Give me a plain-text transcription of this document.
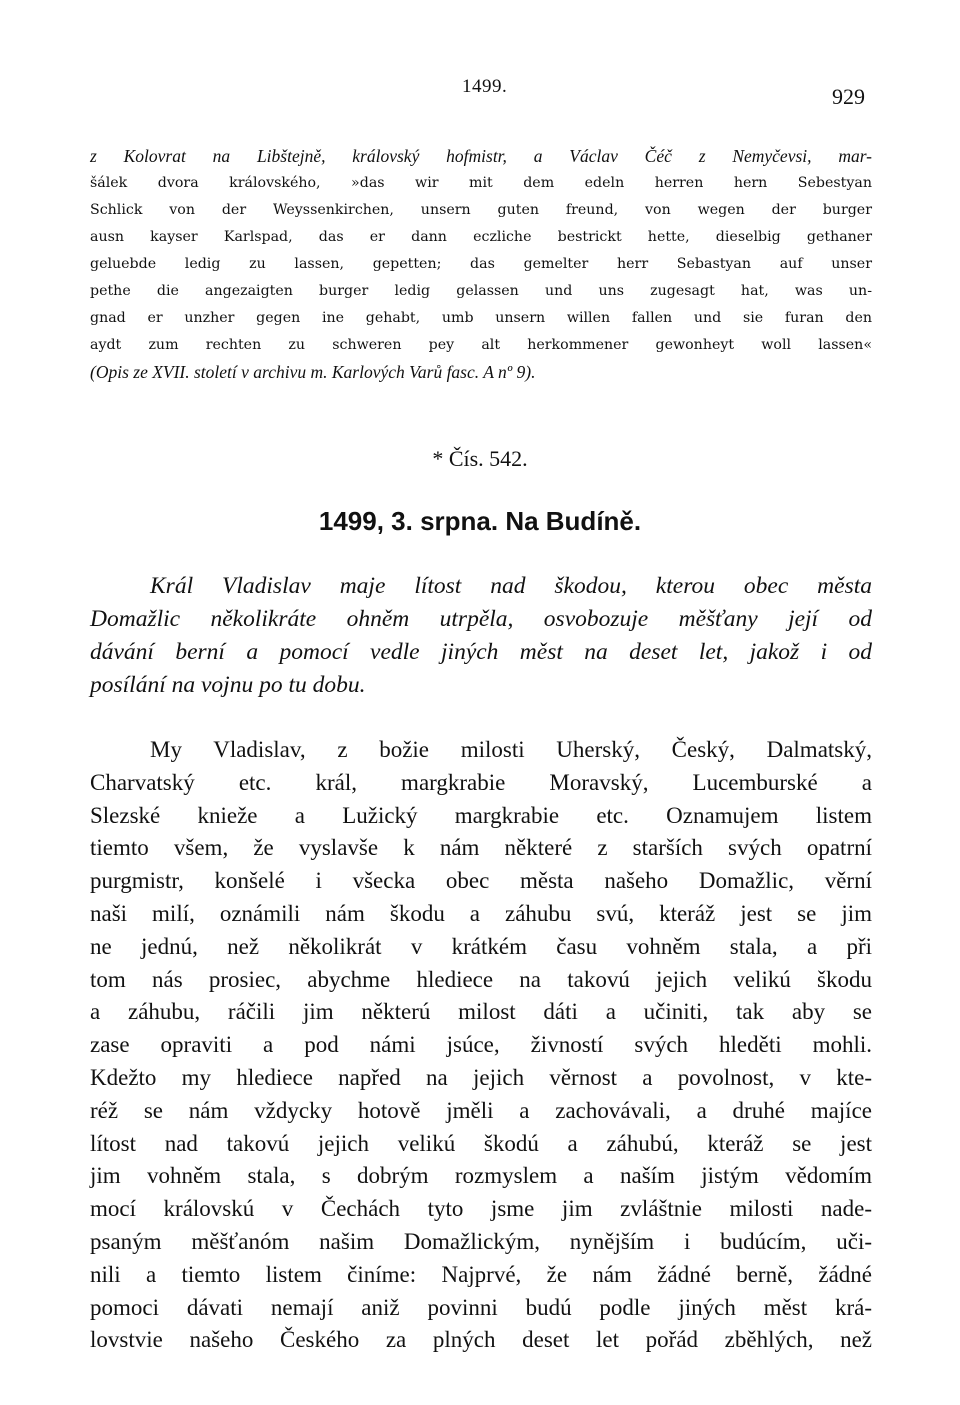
1499.	929
z Kolovrat na Libštejně, královský hofmistr, a Václav Čéč z Nemyčevsi, mar-
šálek dvora královského, »das wir mit dem edeln herren hern Sebestyan
Schlick von der Weyssenkirchen, unsern guten freund, von wegen der burger
ausn kayser Karlspad, das er dann eczliche bestrickt hette, dieselbig gethaner
geluebde ledig zu lassen, gepetten; das gemelter herr Sebastyan auf unser
pethe die angezaigten burger ledig gelassen und uns zugesagt hat, was un-
gnad er unzher gegen ine gehabt, umb unsern willen fallen und sie furan den
aydt zum rechten zu schweren pey alt herkommener gewonheyt woll lassen«
(Opis ze XVII. století v archivu m. Karlových Varů fasc. A nº 9).
* Čís. 542.
1499, 3. srpna. Na Budíně.
Král Vladislav maje lítost nad škodou, kterou obec města
Domažlic několikráte ohněm utrpěla, osvobozuje měšťany její od
dávání berní a pomocí vedle jiných měst na deset let, jakož i od
posílání na vojnu po tu dobu.
My Vladislav, z božie milosti Uherský, Český, Dalmatský,
Charvatský etc. král, margkrabie Moravský, Lucemburské a
Slezské knieže a Lužický margkrabie etc. Oznamujem listem
tiemto všem, že vyslavše k nám některé z starších svých opatrní
purgmistr, konšelé i všecka obec města našeho Domažlic, věrní
naši milí, oznámili nám škodu a záhubu svú, kteráž jest se jim
ne jednú, než několikrát v krátkém času vohněm stala, a při
tom nás prosiec, abychme hlediece na takovú jejich velikú škodu
a záhubu, ráčili jim některú milost dáti a učiniti, tak aby se
zase opraviti a pod námi jsúce, živností svých hleděti mohli.
Kdežto my hlediece napřed na jejich věrnost a povolnost, v kte-
réž se nám vždycky hotově jměli a zachovávali, a druhé majíce
lítost nad takovú jejich velikú škodú a záhubú, kteráž se jest
jim vohněm stala, s dobrým rozmyslem a naším jistým vědomím
mocí královskú v Čechách tyto jsme jim zvláštnie milosti nade-
psaným měšťanóm našim Domažlickým, nynějším i budúcím, uči-
nili a tiemto listem činíme: Najprvé, že nám žádné berně, žádné
pomoci dávati nemají aniž povinni budú podle jiných měst krá-
lovstvie našeho Českého za plných deset let pořád zběhlých, než
